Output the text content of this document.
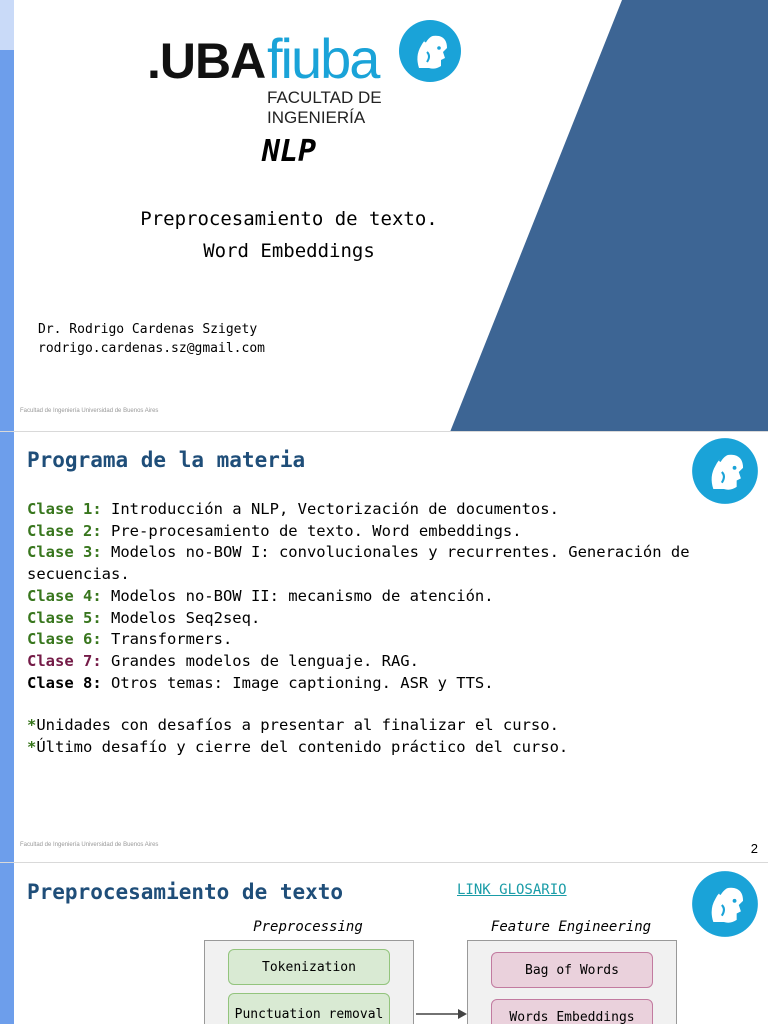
.UBA fiuba
FACULTAD DE INGENIERÍA
NLP
Preprocesamiento de texto.
Word Embeddings
Dr. Rodrigo Cardenas Szigety
rodrigo.cardenas.sz@gmail.com
Facultad de Ingeniería Universidad de Buenos Aires
Programa de la materia
Clase 1: Introducción a NLP, Vectorización de documentos.
Clase 2: Pre-procesamiento de texto. Word embeddings.
Clase 3: Modelos no-BOW I: convolucionales y recurrentes. Generación de secuencias.
Clase 4: Modelos no-BOW II: mecanismo de atención.
Clase 5: Modelos Seq2seq.
Clase 6: Transformers.
Clase 7: Grandes modelos de lenguaje. RAG.
Clase 8: Otros temas: Image captioning. ASR y TTS.
*Unidades con desafíos a presentar al finalizar el curso.
*Último desafío y cierre del contenido práctico del curso.
Facultad de Ingeniería Universidad de Buenos Aires	2
Preprocesamiento de texto	LINK GLOSARIO
Preprocessing	Feature Engineering
Tokenization
Punctuation removal
Bag of Words
Words Embeddings
